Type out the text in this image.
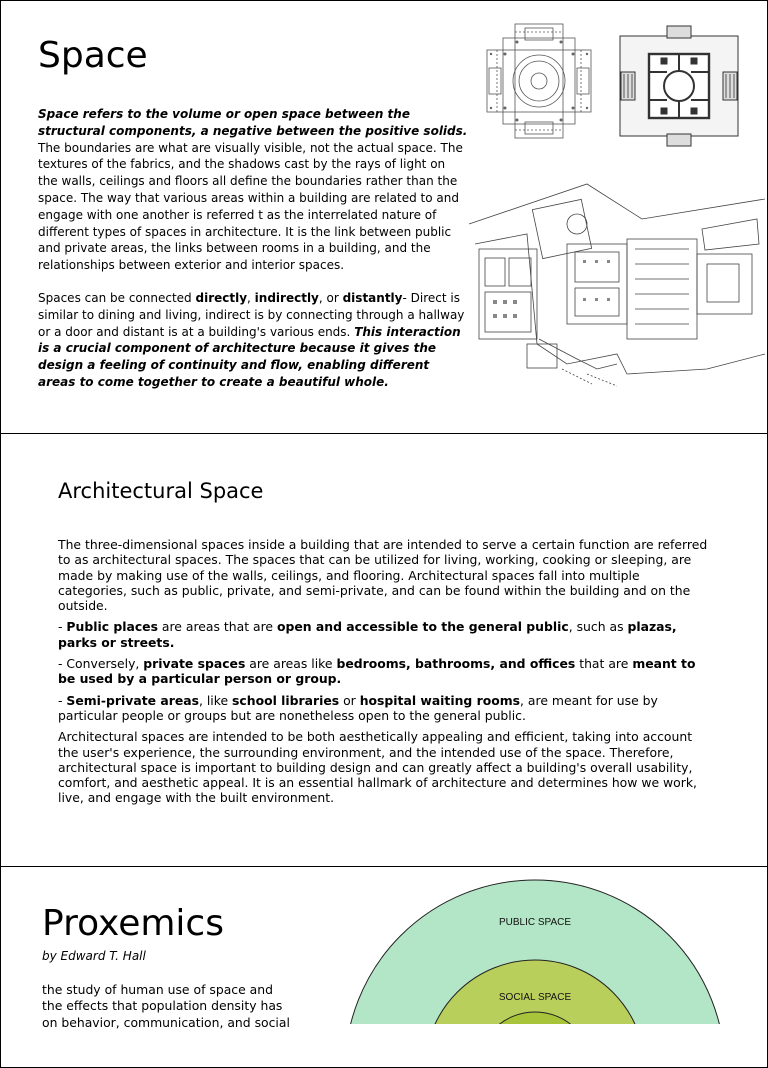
Space

Space refers to the volume or open space between the structural components, a negative between the positive solids. The boundaries are what are visually visible, not the actual space. The textures of the fabrics, and the shadows cast by the rays of light on the walls, ceilings and floors all define the boundaries rather than the space. The way that various areas within a building are related to and engage with one another is referred t as the interrelated nature of different types of spaces in architecture. It is the link between public and private areas, the links between rooms in a building, and the relationships between exterior and interior spaces.

Spaces can be connected directly, indirectly, or distantly- Direct is similar to dining and living, indirect is by connecting through a hallway or a door and distant is at a building's various ends. This interaction is a crucial component of architecture because it gives the design a feeling of continuity and flow, enabling different areas to come together to create a beautiful whole.

Architectural Space

The three-dimensional spaces inside a building that are intended to serve a certain function are referred to as architectural spaces. The spaces that can be utilized for living, working, cooking or sleeping, are made by making use of the walls, ceilings, and flooring. Architectural spaces fall into multiple categories, such as public, private, and semi-private, and can be found within the building and on the outside.

- Public places are areas that are open and accessible to the general public, such as plazas, parks or streets.

- Conversely, private spaces are areas like bedrooms, bathrooms, and offices that are meant to be used by a particular person or group.

- Semi-private areas, like school libraries or hospital waiting rooms, are meant for use by particular people or groups but are nonetheless open to the general public.

Architectural spaces are intended to be both aesthetically appealing and efficient, taking into account the user's experience, the surrounding environment, and the intended use of the space. Therefore, architectural space is important to building design and can greatly affect a building's overall usability, comfort, and aesthetic appeal. It is an essential hallmark of architecture and determines how we work, live, and engage with the built environment.

Proxemics
by Edward T. Hall
the study of human use of space and the effects that population density has on behavior, communication, and social
PUBLIC SPACE
SOCIAL SPACE
